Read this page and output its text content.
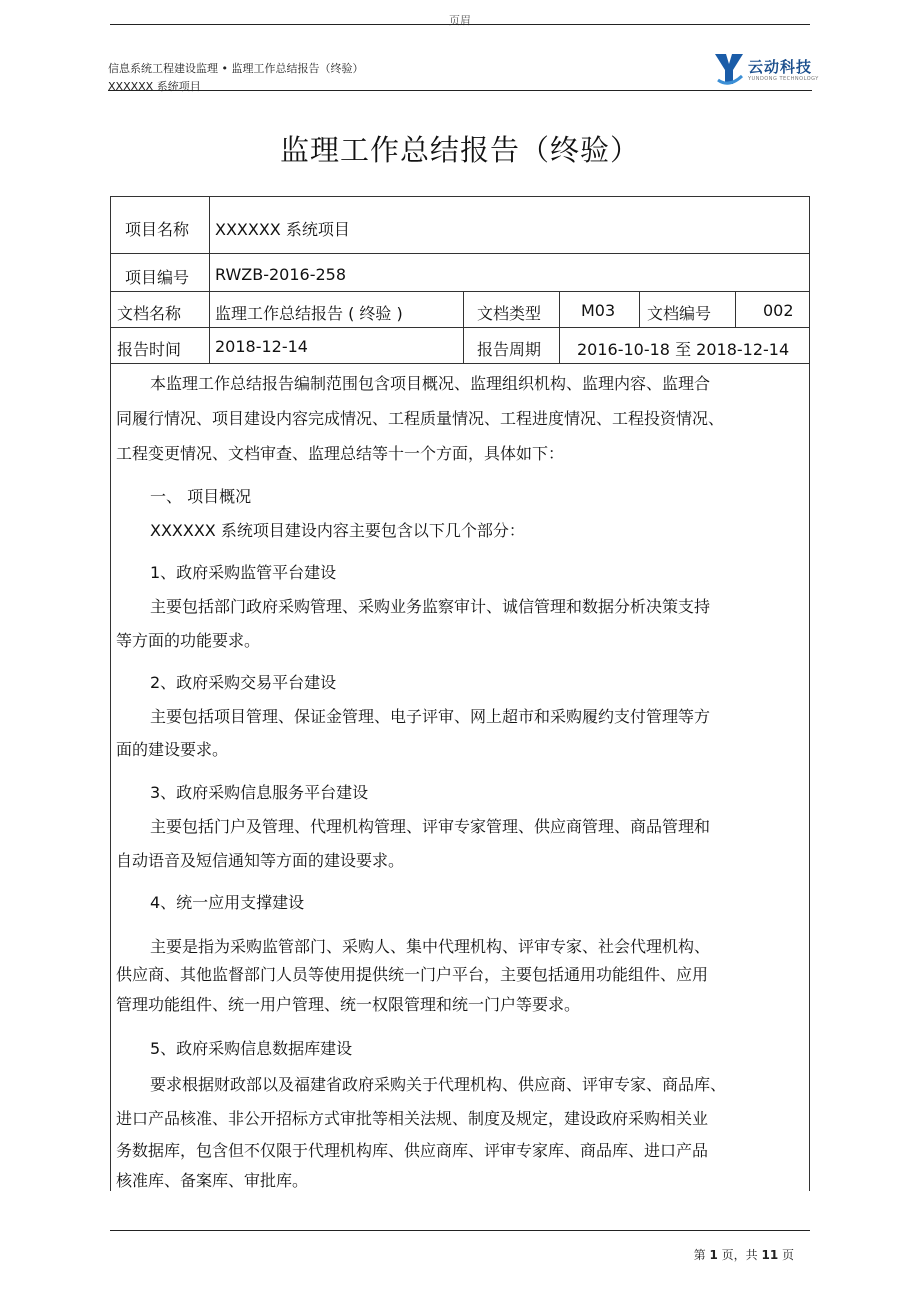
页眉
信息系统工程建设监理 • 监理工作总结报告（终验）
XXXXXX 系统项目
云动科技
YUNDONG TECHNOLOGY
监理工作总结报告（终验）
项目名称 XXXXXX 系统项目
项目编号 RWZB-2016-258
文档名称 监理工作总结报告 ( 终验 )	文档类型 M03 文档编号	002
报告时间 2018-12-14	报告周期 2016-10-18 至 2018-12-14
本监理工作总结报告编制范围包含项目概况、监理组织机构、监理内容、监理合
同履行情况、项目建设内容完成情况、工程质量情况、工程进度情况、工程投资情况、
工程变更情况、文档审查、监理总结等十一个方面，具体如下：
一、 项目概况
XXXXXX 系统项目建设内容主要包含以下几个部分：
1、政府采购监管平台建设
主要包括部门政府采购管理、采购业务监察审计、诚信管理和数据分析决策支持
等方面的功能要求。
2、政府采购交易平台建设
主要包括项目管理、保证金管理、电子评审、网上超市和采购履约支付管理等方
面的建设要求。
3、政府采购信息服务平台建设
主要包括门户及管理、代理机构管理、评审专家管理、供应商管理、商品管理和
自动语音及短信通知等方面的建设要求。
4、统一应用支撑建设
主要是指为采购监管部门、采购人、集中代理机构、评审专家、社会代理机构、
供应商、其他监督部门人员等使用提供统一门户平台，主要包括通用功能组件、应用
管理功能组件、统一用户管理、统一权限管理和统一门户等要求。
5、政府采购信息数据库建设
要求根据财政部以及福建省政府采购关于代理机构、供应商、评审专家、商品库、
进口产品核准、非公开招标方式审批等相关法规、制度及规定，建设政府采购相关业
务数据库，包含但不仅限于代理机构库、供应商库、评审专家库、商品库、进口产品
核准库、备案库、审批库。
第 1 页，共 11 页
